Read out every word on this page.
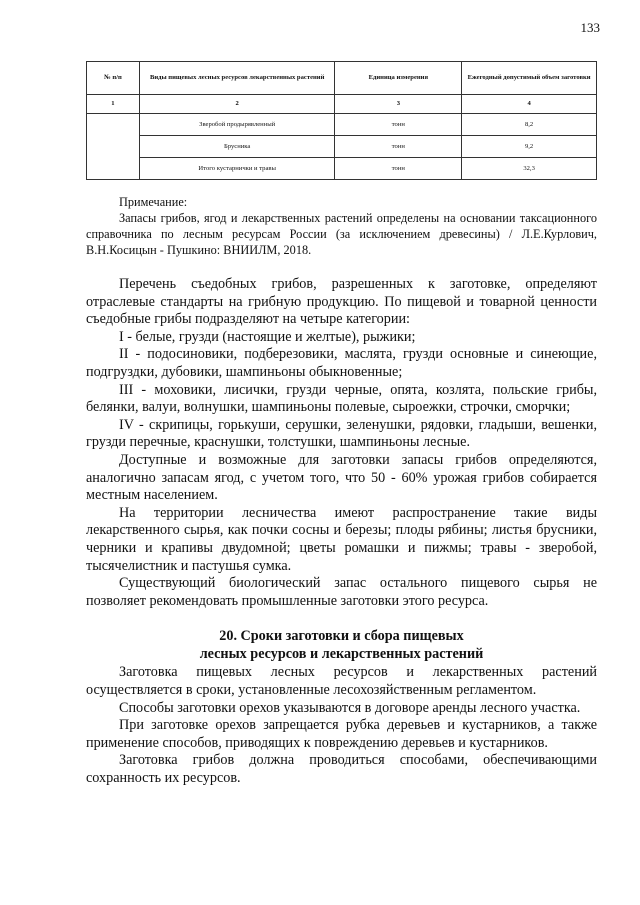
133
№ п/п	Виды пищевых лесных ресурсов лекарственных растений	Единица измерения	Ежегодный допустимый объем заготовки
1	2	3	4
	Зверобой продырявленный	тонн	8,2
	Брусника	тонн	9,2
	Итого кустарнички и травы	тонн	32,3

Примечание:

Запасы грибов, ягод и лекарственных растений определены на основании таксационного справочника по лесным ресурсам России (за исключением древесины) / Л.Е.Курлович, В.Н.Косицын - Пушкино: ВНИИЛМ, 2018.

Перечень съедобных грибов, разрешенных к заготовке, определяют отраслевые стандарты на грибную продукцию. По пищевой и товарной ценности съедобные грибы подразделяют на четыре категории:

I - белые, грузди (настоящие и желтые), рыжики;

II - подосиновики, подберезовики, маслята, грузди основные и синеющие, подгруздки, дубовики, шампиньоны обыкновенные;

III - моховики, лисички, грузди черные, опята, козлята, польские грибы, белянки, валуи, волнушки, шампиньоны полевые, сыроежки, строчки, сморчки;

IV - скрипицы, горькуши, серушки, зеленушки, рядовки, гладыши, вешенки, грузди перечные, краснушки, толстушки, шампиньоны лесные.

Доступные и возможные для заготовки запасы грибов определяются, аналогично запасам ягод, с учетом того, что 50 - 60% урожая грибов собирается местным населением.

На территории лесничества имеют распространение такие виды лекарственного сырья, как почки сосны и березы; плоды рябины; листья брусники, черники и крапивы двудомной; цветы ромашки и пижмы; травы - зверобой, тысячелистник и пастушья сумка.

Существующий биологический запас остального пищевого сырья не позволяет рекомендовать промышленные заготовки этого ресурса.

20. Сроки заготовки и сбора пищевых
лесных ресурсов и лекарственных растений

Заготовка пищевых лесных ресурсов и лекарственных растений осуществляется в сроки, установленные лесохозяйственным регламентом.

Способы заготовки орехов указываются в договоре аренды лесного участка.

При заготовке орехов запрещается рубка деревьев и кустарников, а также применение способов, приводящих к повреждению деревьев и кустарников.

Заготовка грибов должна проводиться способами, обеспечивающими сохранность их ресурсов.
